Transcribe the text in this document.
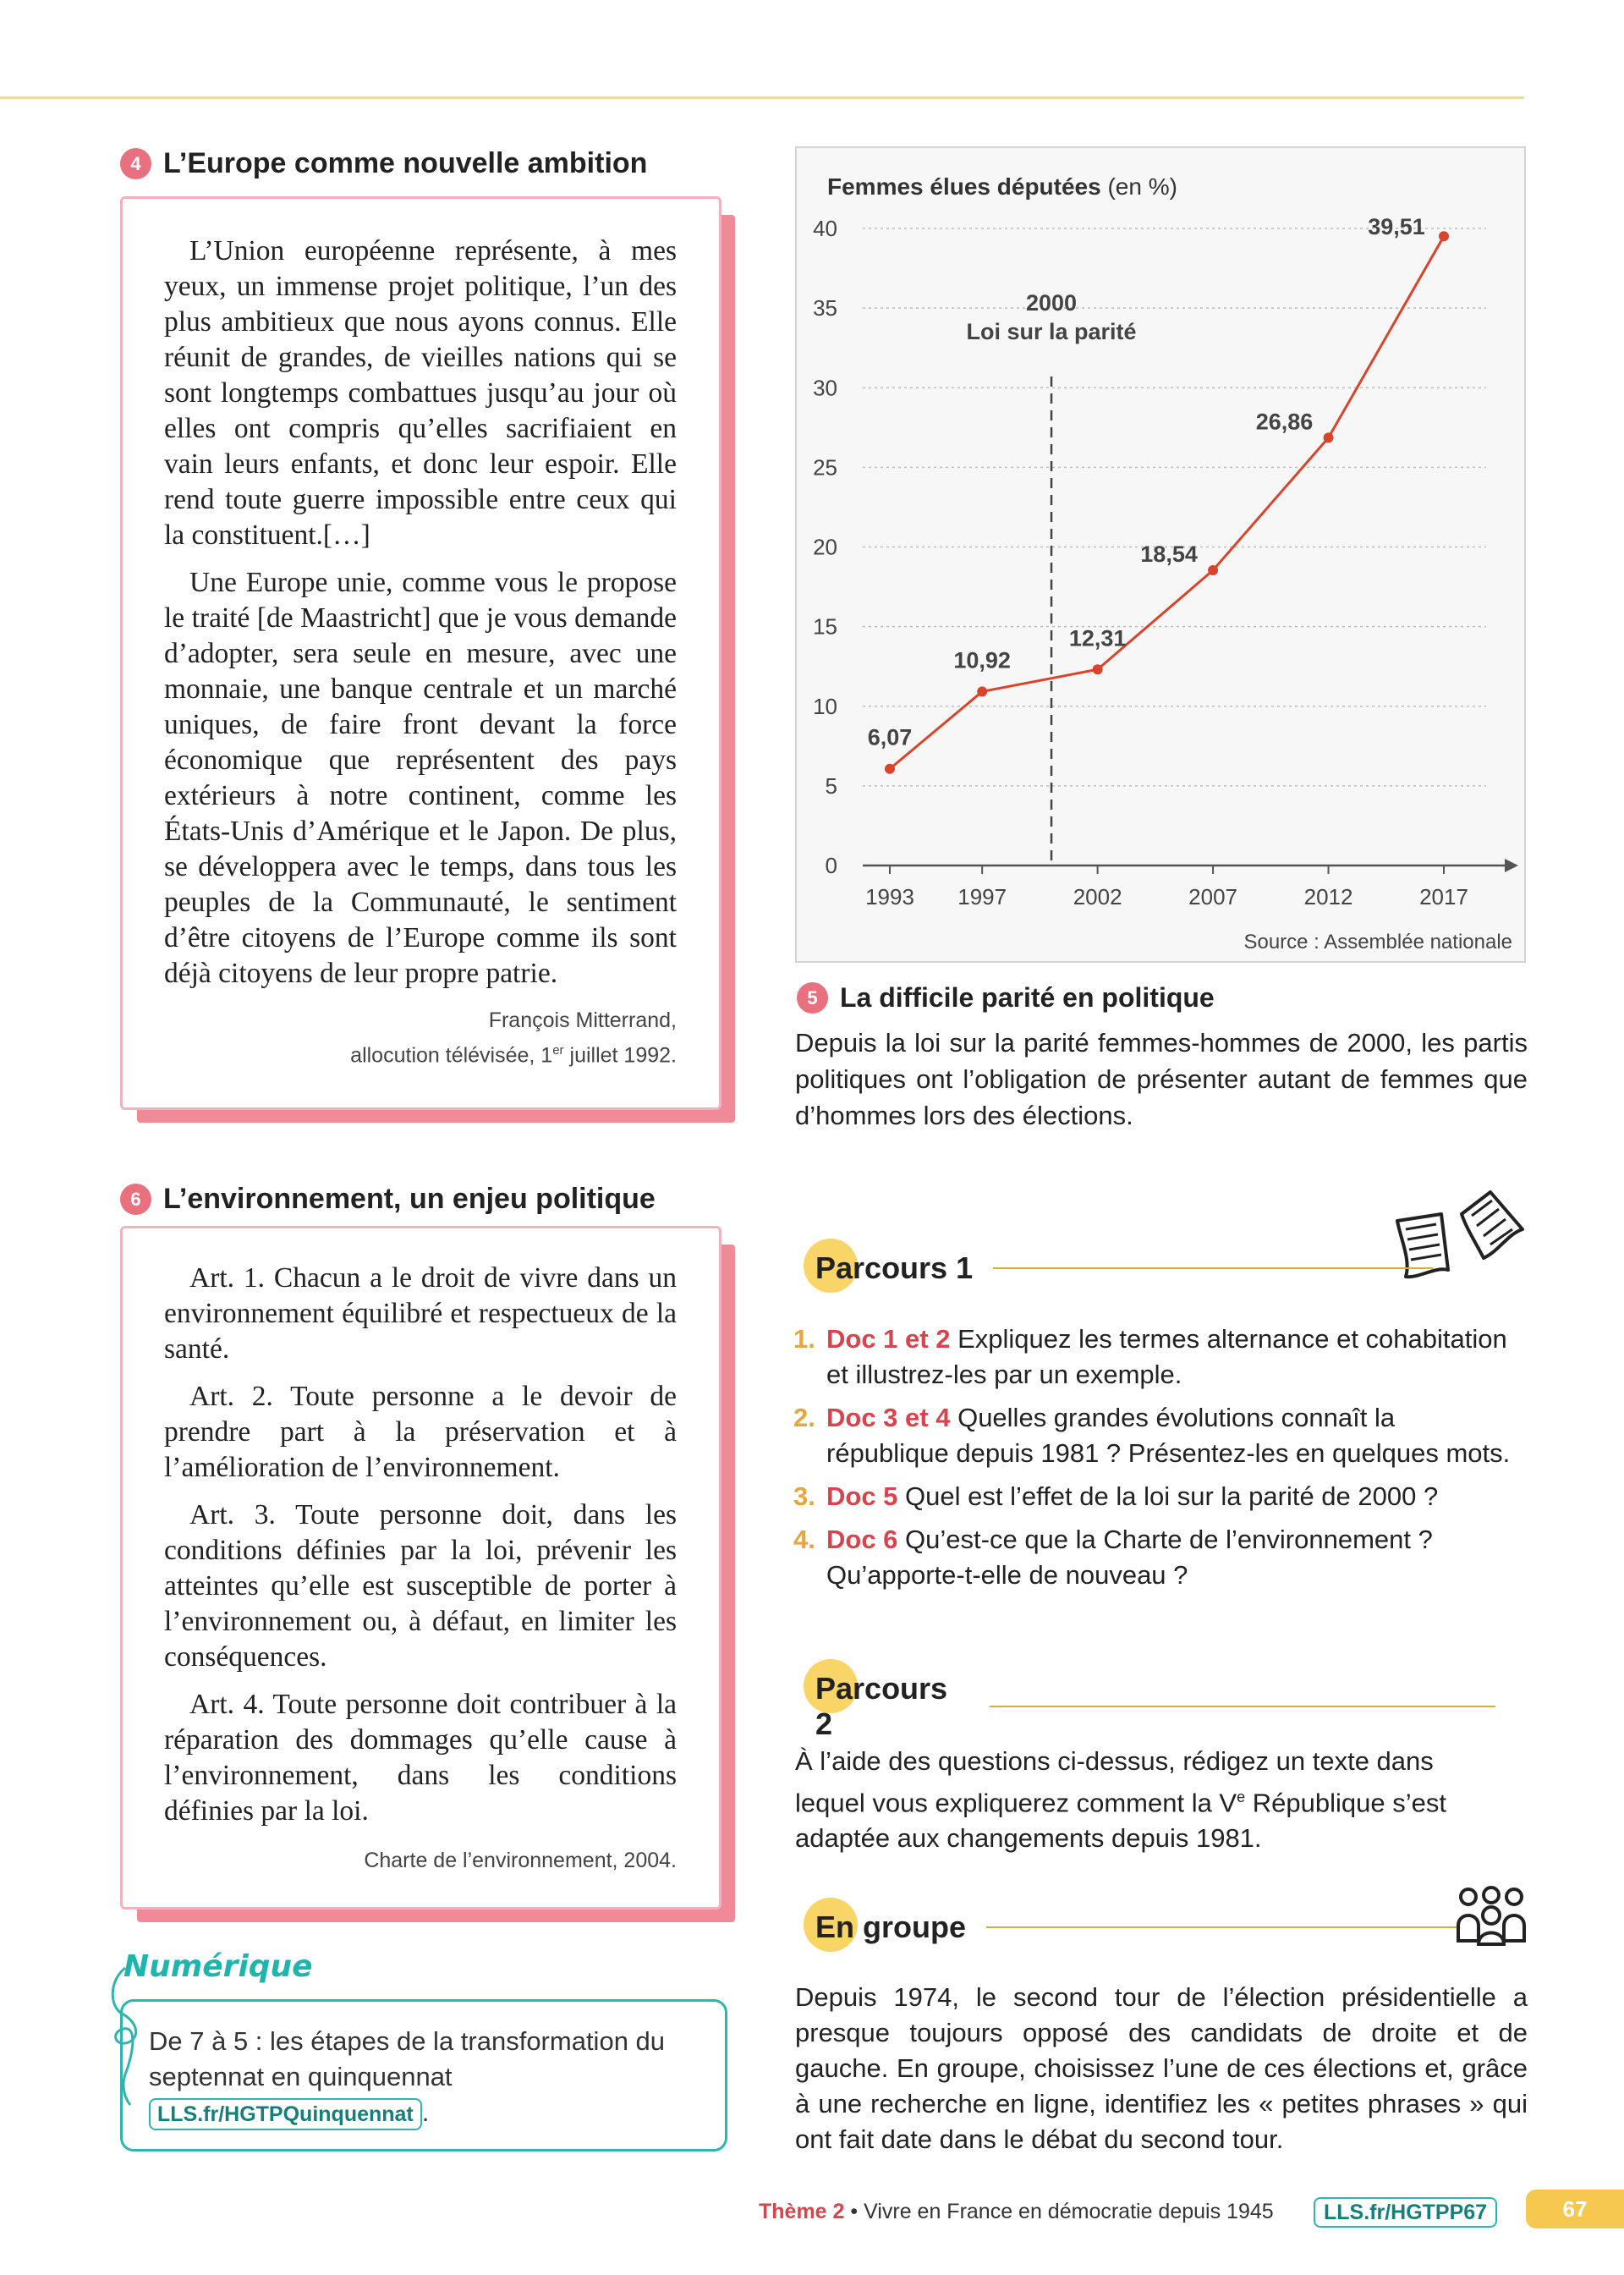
4 L’Europe comme nouvelle ambition

L’Union européenne représente, à mes yeux, un immense projet politique, l’un des plus ambitieux que nous ayons connus. Elle réunit de grandes, de vieilles nations qui se sont longtemps combattues jusqu’au jour où elles ont compris qu’elles sacrifiaient en vain leurs enfants, et donc leur espoir. Elle rend toute guerre impossible entre ceux qui la constituent.[…]

Une Europe unie, comme vous le propose le traité [de Maastricht] que je vous demande d’adopter, sera seule en mesure, avec une monnaie, une banque centrale et un marché uniques, de faire front devant la force économique que représentent des pays extérieurs à notre continent, comme les États-Unis d’Amérique et le Japon. De plus, se développera avec le temps, dans tous les peuples de la Communauté, le sentiment d’être citoyens de l’Europe comme ils sont déjà citoyens de leur propre patrie.

François Mitterrand,
allocution télévisée, 1er juillet 1992.
Femmes élues députées (en %)
0
5
10
15
20
25
30
35
40
1993 1997	2002	2007	2012	2017
2000
Loi sur la parité
6,07
10,92
12,31
18,54
26,86
39,51
Source : Assemblée nationale
5 La difficile parité en politique
Depuis la loi sur la parité femmes-hommes de 2000, les partis politiques ont l’obligation de présenter autant de femmes que d’hommes lors des élections.
6 L’environnement, un enjeu politique

Art. 1. Chacun a le droit de vivre dans un environnement équilibré et respectueux de la santé.

Art. 2. Toute personne a le devoir de prendre part à la préservation et à l’amélioration de l’environnement.

Art. 3. Toute personne doit, dans les conditions définies par la loi, prévenir les atteintes qu’elle est susceptible de porter à l’environnement ou, à défaut, en limiter les conséquences.

Art. 4. Toute personne doit contribuer à la réparation des dommages qu’elle cause à l’environnement, dans les conditions définies par la loi.

Charte de l’environnement, 2004.
Numérique
De 7 à 5 : les étapes de la transformation du septennat en quinquennat
LLS.fr/HGTPQuinquennat .
Parcours 1
1. Doc 1 et 2 Expliquez les termes alternance et cohabitation et illustrez-les par un exemple.
2. Doc 3 et 4 Quelles grandes évolutions connaît la république depuis 1981 ? Présentez-les en quelques mots.
3. Doc 5 Quel est l’effet de la loi sur la parité de 2000 ?
4. Doc 6 Qu’est-ce que la Charte de l’environnement ? Qu’apporte-t-elle de nouveau ?
Parcours 2
À l’aide des questions ci-dessus, rédigez un texte dans lequel vous expliquerez comment la Ve République s’est adaptée aux changements depuis 1981.
En groupe
Depuis 1974, le second tour de l’élection présidentielle a presque toujours opposé des candidats de droite et de gauche. En groupe, choisissez l’une de ces élections et, grâce à une recherche en ligne, identifiez les « petites phrases » qui ont fait date dans le débat du second tour.
Thème 2 • Vivre en France en démocratie depuis 1945	LLS.fr/HGTPP67	67
